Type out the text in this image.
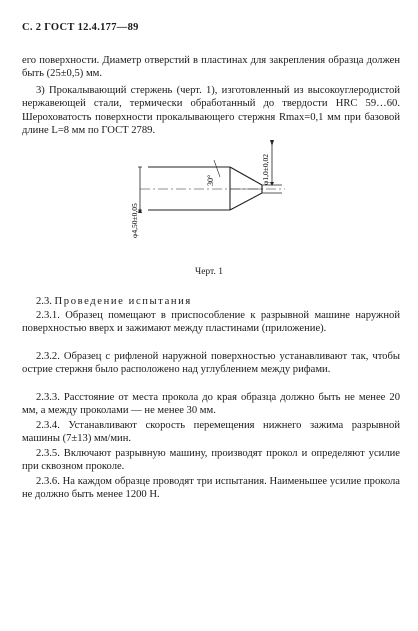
С. 2 ГОСТ 12.4.177—89

его поверхности. Диаметр отверстий в пластинах для закрепления образца должен быть (25±0,5) мм.

3) Прокалывающий стержень (черт. 1), изготовленный из высокоуглеродистой нержавеющей стали, термически обработанный до твердости HRC 59…60. Шероховатость поверхности прокалывающего стержня Rmax=0,1 мм при базовой длине L=8 мм по ГОСТ 2789.

30°
φ4,50±0,05
φ1,0±0,02
Черт. 1

2.3. Проведение испытания

2.3.1. Образец помещают в приспособление к разрывной машине наружной поверхностью вверх и зажимают между пластинами (приложение).

2.3.2. Образец с рифленой наружной поверхностью устанавливают так, чтобы острие стержня было расположено над углублением между рифами.

2.3.3. Расстояние от места прокола до края образца должно быть не менее 20 мм, а между проколами — не менее 30 мм.

2.3.4. Устанавливают скорость перемещения нижнего зажима разрывной машины (7±13) мм/мин.

2.3.5. Включают разрывную машину, производят прокол и определяют усилие при сквозном проколе.

2.3.6. На каждом образце проводят три испытания. Наименьшее усилие прокола не должно быть менее 1200 Н.
